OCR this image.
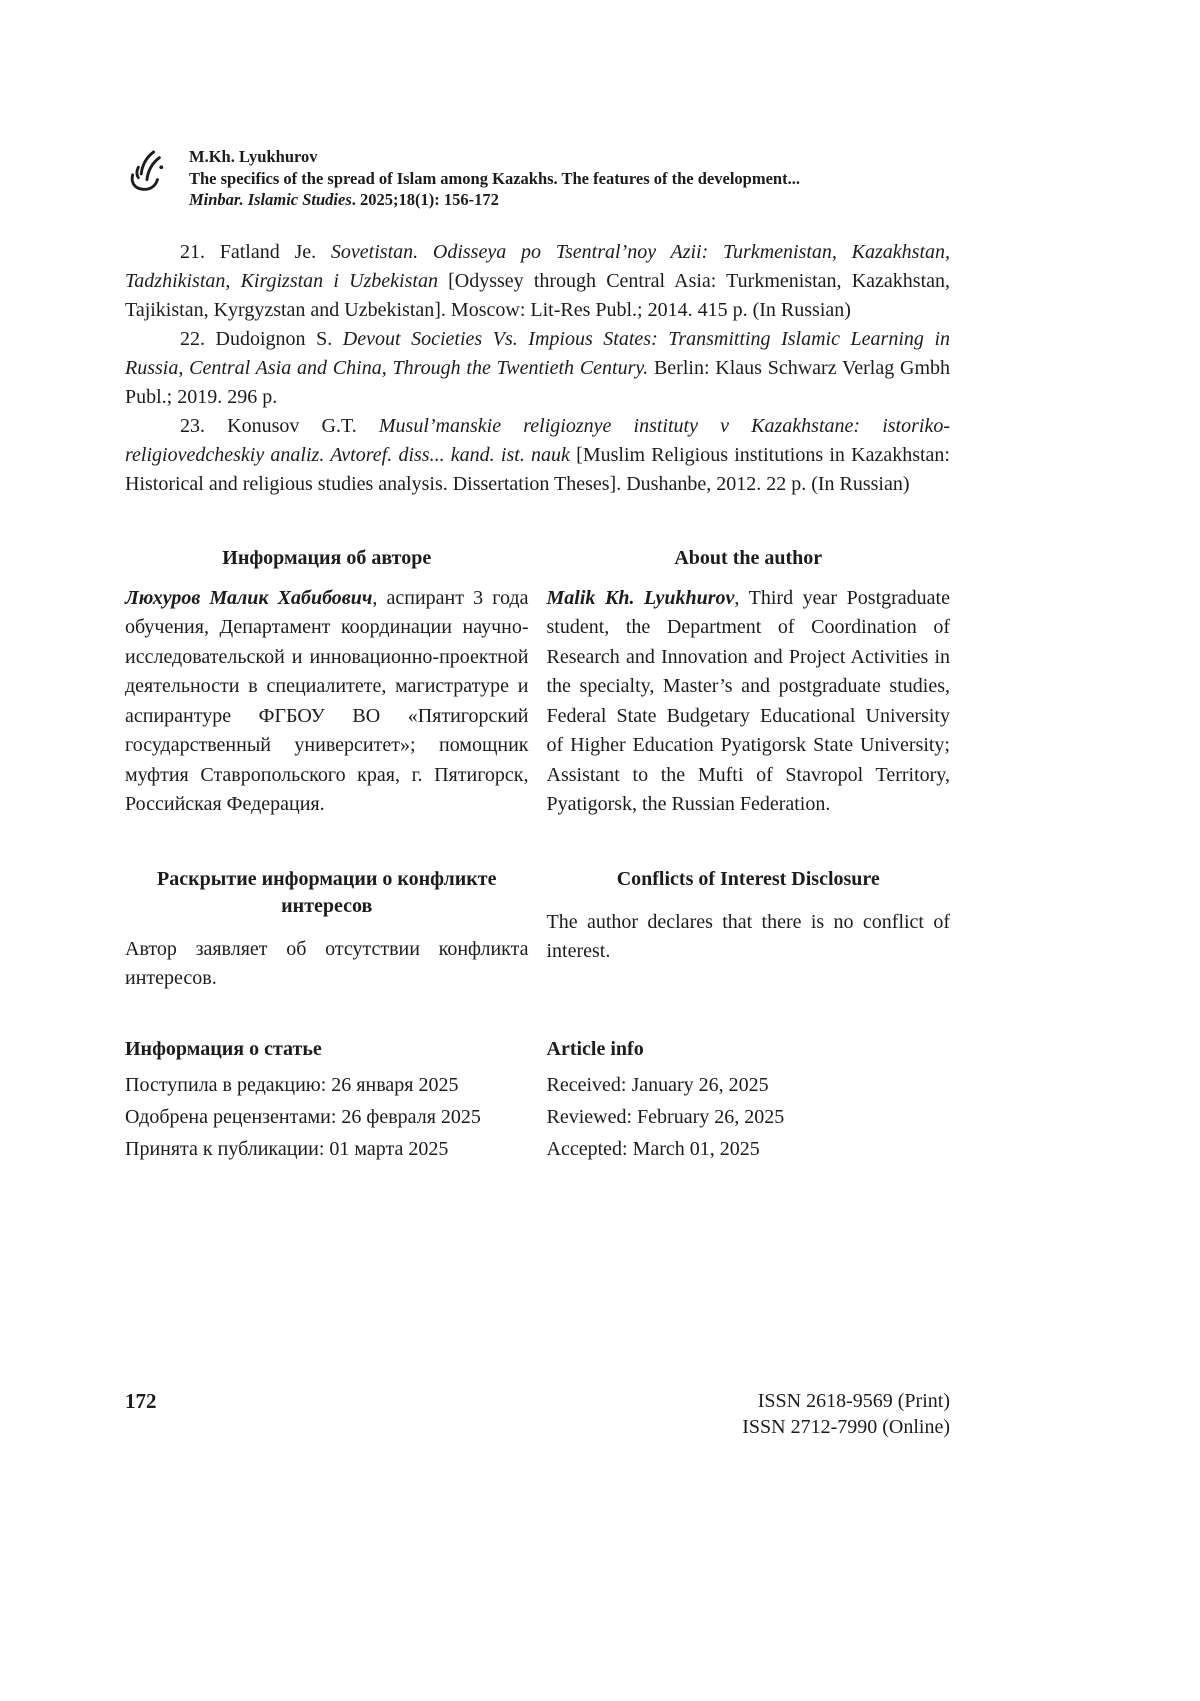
M.Kh. Lyukhurov
The specifics of the spread of Islam among Kazakhs. The features of the development...
Minbar. Islamic Studies. 2025;18(1): 156-172

21. Fatland Je. Sovetistan. Odisseya po Tsentral’noy Azii: Turkmenistan, Kazakhstan, Tadzhikistan, Kirgizstan i Uzbekistan [Odyssey through Central Asia: Turkmenistan, Kazakhstan, Tajikistan, Kyrgyzstan and Uzbekistan]. Moscow: Lit-Res Publ.; 2014. 415 p. (In Russian)

22. Dudoignon S. Devout Societies Vs. Impious States: Transmitting Islamic Learning in Russia, Central Asia and China, Through the Twentieth Century. Berlin: Klaus Schwarz Verlag Gmbh Publ.; 2019. 296 p.

23. Konusov G.T. Musul’manskie religioznye instituty v Kazakhstane: istoriko-religiovedcheskiy analiz. Avtoref. diss... kand. ist. nauk [Muslim Religious institutions in Kazakhstan: Historical and religious studies analysis. Dissertation Theses]. Dushanbe, 2012. 22 p. (In Russian)

Информация об авторе

Люхуров Малик Хабибович, аспирант 3 года обучения, Департамент координации научно-исследовательской и инновационно-проектной деятельности в специалитете, магистратуре и аспирантуре ФГБОУ ВО «Пятигорский государственный университет»; помощник муфтия Ставропольского края, г. Пятигорск, Российская Федерация.

About the author

Malik Kh. Lyukhurov, Third year Postgraduate student, the Department of Coordination of Research and Innovation and Project Activities in the specialty, Master’s and postgraduate studies, Federal State Budgetary Educational University of Higher Education Pyatigorsk State University; Assistant to the Mufti of Stavropol Territory, Pyatigorsk, the Russian Federation.

Раскрытие информации о конфликте интересов

Автор заявляет об отсутствии конфликта интересов.

Conflicts of Interest Disclosure

The author declares that there is no conflict of interest.

Информация о статье
Поступила в редакцию: 26 января 2025
Одобрена рецензентами: 26 февраля 2025
Принята к публикации: 01 марта 2025
Article info
Received: January 26, 2025
Reviewed: February 26, 2025
Accepted: March 01, 2025
172	ISSN 2618-9569 (Print)
ISSN 2712-7990 (Online)
